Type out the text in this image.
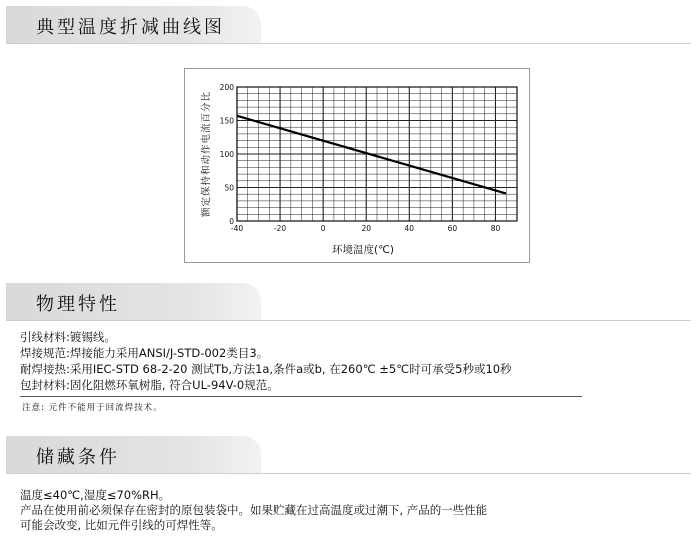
典型温度折减曲线图
-40	-20	0	20	40	60	80
0
50
100
150
200
环境温度(℃)
额定保持和动作电流百分比
物理特性
引线材料:镀锡线。
焊接规范:焊接能力采用ANSI/J-STD-002类目3。
耐焊接热:采用IEC-STD 68-2-20 测试Tb,方法1a,条件a或b, 在260℃ ±5℃时可承受5秒或10秒
包封材料:固化阻燃环氧树脂, 符合UL-94V-0规范。
注意: 元件不能用于回流焊技术。
储藏条件
温度≤40℃,湿度≤70%RH。
产品在使用前必须保存在密封的原包装袋中。如果贮藏在过高温度或过潮下, 产品的一些性能
可能会改变, 比如元件引线的可焊性等。
